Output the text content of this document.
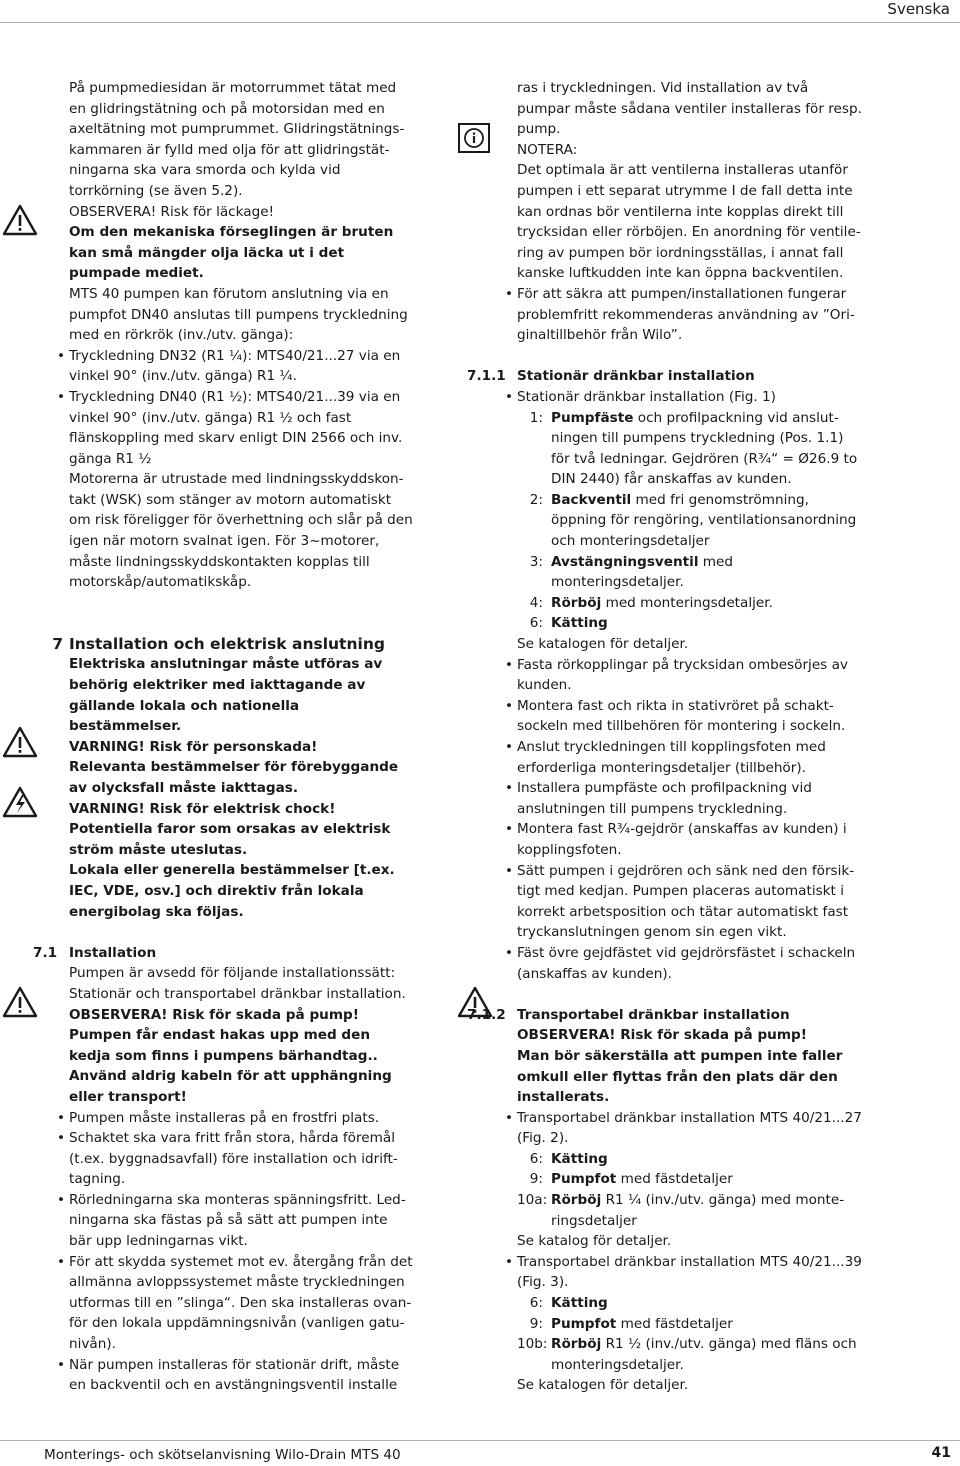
Svenska

På pumpmediesidan är motorrummet tätat med en glidringstätning och på motorsidan med en axeltätning mot pumprummet. Glidringstätningskammaren är fylld med olja för att glidringstätningarna ska vara smorda och kylda vid torrkörning (se även 5.2).

OBSERVERA! Risk för läckage!

Om den mekaniska förseglingen är bruten kan små mängder olja läcka ut i det pumpade mediet.

MTS 40 pumpen kan förutom anslutning via en pumpfot DN40 anslutas till pumpens tryckledning med en rörkrök (inv./utv. gänga):

• Tryckledning DN32 (R1 ¼): MTS40/21...27 via en vinkel 90° (inv./utv. gänga) R1 ¼.
• Tryckledning DN40 (R1 ½): MTS40/21...39 via en vinkel 90° (inv./utv. gänga) R1 ½ och fast flänskoppling med skarv enligt DIN 2566 och inv. gänga R1 ½

Motorerna är utrustade med lindningsskyddskontakt (WSK) som stänger av motorn automatiskt om risk föreligger för överhettning och slår på den igen när motorn svalnat igen. För 3~motorer, måste lindningsskyddskontakten kopplas till motorskåp/automatikskåp.

7 Installation och elektrisk anslutning

Elektriska anslutningar måste utföras av behörig elektriker med iakttagande av gällande lokala och nationella bestämmelser.

VARNING! Risk för personskada!

Relevanta bestämmelser för förebyggande av olycksfall måste iakttagas.

VARNING! Risk för elektrisk chock!

Potentiella faror som orsakas av elektrisk ström måste uteslutas.

Lokala eller generella bestämmelser [t.ex. IEC, VDE, osv.] och direktiv från lokala energibolag ska följas.

7.1 Installation

Pumpen är avsedd för följande installationssätt: Stationär och transportabel dränkbar installation.

OBSERVERA! Risk för skada på pump!

Pumpen får endast hakas upp med den kedja som finns i pumpens bärhandtag.. Använd aldrig kabeln för att upphängning eller transport!

• Pumpen måste installeras på en frostfri plats.
• Schaktet ska vara fritt från stora, hårda föremål (t.ex. byggnadsavfall) före installation och idrifttagning.
• Rörledningarna ska monteras spänningsfritt. Ledningarna ska fästas på så sätt att pumpen inte bär upp ledningarnas vikt.
• För att skydda systemet mot ev. återgång från det allmänna avloppssystemet måste tryckledningen utformas till en ”slinga“. Den ska installeras ovanför den lokala uppdämningsnivån (vanligen gatunivån).
• När pumpen installeras för stationär drift, måste en backventil och en avstängningsventil installe

ras i tryckledningen. Vid installation av två pumpar måste sådana ventiler installeras för resp. pump.

NOTERA:

Det optimala är att ventilerna installeras utanför pumpen i ett separat utrymme I de fall detta inte kan ordnas bör ventilerna inte kopplas direkt till trycksidan eller rörböjen. En anordning för ventilering av pumpen bör iordningsställas, i annat fall kanske luftkudden inte kan öppna backventilen.

• För att säkra att pumpen/installationen fungerar problemfritt rekommenderas användning av ”Originaltillbehör från Wilo”.

7.1.1 Stationär dränkbar installation

• Stationär dränkbar installation (Fig. 1)
1: Pumpfäste och profilpackning vid anslutningen till pumpens tryckledning (Pos. 1.1) för två ledningar. Gejdrören (R¾“ = Ø26.9 to DIN 2440) får anskaffas av kunden.
2: Backventil med fri genomströmning, öppning för rengöring, ventilationsanordning och monteringsdetaljer
3: Avstängningsventil med monteringsdetaljer.
4: Rörböj med monteringsdetaljer.
6: Kätting

Se katalogen för detaljer.

• Fasta rörkopplingar på trycksidan ombesörjes av kunden.
• Montera fast och rikta in stativröret på schaktsockeln med tillbehören för montering i sockeln.
• Anslut tryckledningen till kopplingsfoten med erforderliga monteringsdetaljer (tillbehör).
• Installera pumpfäste och profilpackning vid anslutningen till pumpens tryckledning.
• Montera fast R¾-gejdrör (anskaffas av kunden) i kopplingsfoten.
• Sätt pumpen i gejdrören och sänk ned den försiktigt med kedjan. Pumpen placeras automatiskt i korrekt arbetsposition och tätar automatiskt fast tryckanslutningen genom sin egen vikt.
• Fäst övre gejdfästet vid gejdrörsfästet i schackeln (anskaffas av kunden).

7.1.2 Transportabel dränkbar installation

OBSERVERA! Risk för skada på pump!

Man bör säkerställa att pumpen inte faller omkull eller flyttas från den plats där den installerats.

• Transportabel dränkbar installation MTS 40/21...27 (Fig. 2).
6: Kätting
9: Pumpfot med fästdetaljer
10a: Rörböj R1 ¼ (inv./utv. gänga) med monteringsdetaljer

Se katalog för detaljer.

• Transportabel dränkbar installation MTS 40/21...39 (Fig. 3).
6: Kätting
9: Pumpfot med fästdetaljer
10b: Rörböj R1 ½ (inv./utv. gänga) med fläns och monteringsdetaljer.

Se katalogen för detaljer.

Monterings- och skötselanvisning Wilo-Drain MTS 40	41
